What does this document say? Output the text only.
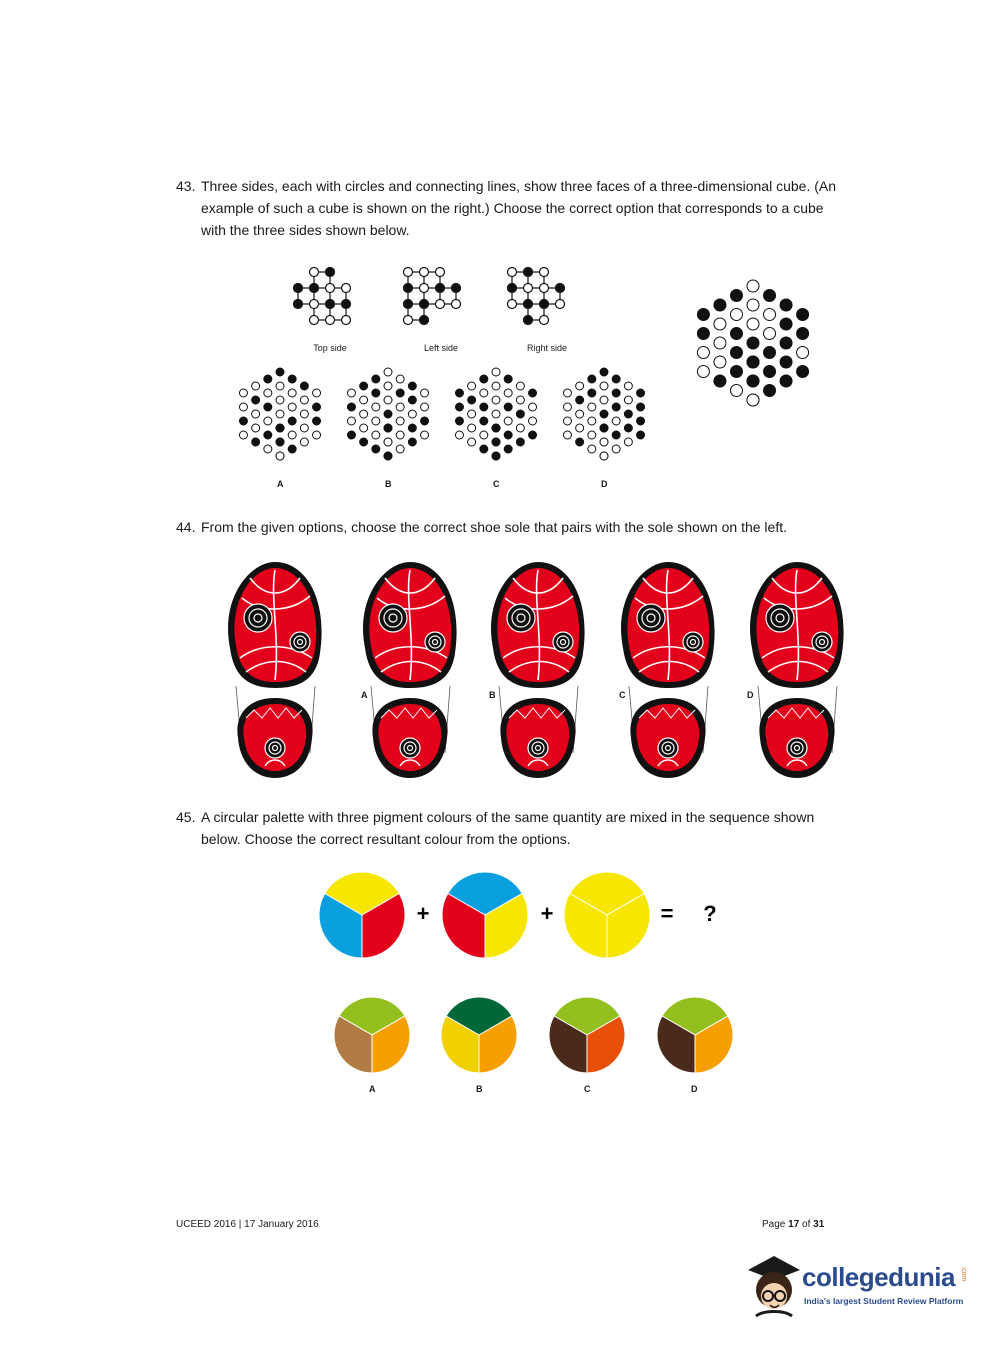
43. Three sides, each with circles and connecting lines, show three faces of a three-dimensional cube. (An example of such a cube is shown on the right.) Choose the correct option that corresponds to a cube with the three sides shown below.
Top side	Left side	Right side
A	B	C	D
44. From the given options, choose the correct shoe sole that pairs with the sole shown on the left.
A	B	C	D
45. A circular palette with three pigment colours of the same quantity are mixed in the sequence shown below. Choose the correct resultant colour from the options.
+	+	= ?
A	B	C	D
UCEED 2016 | 17 January 2016	Page 17 of 31
collegedunia .com
India's largest Student Review Platform
